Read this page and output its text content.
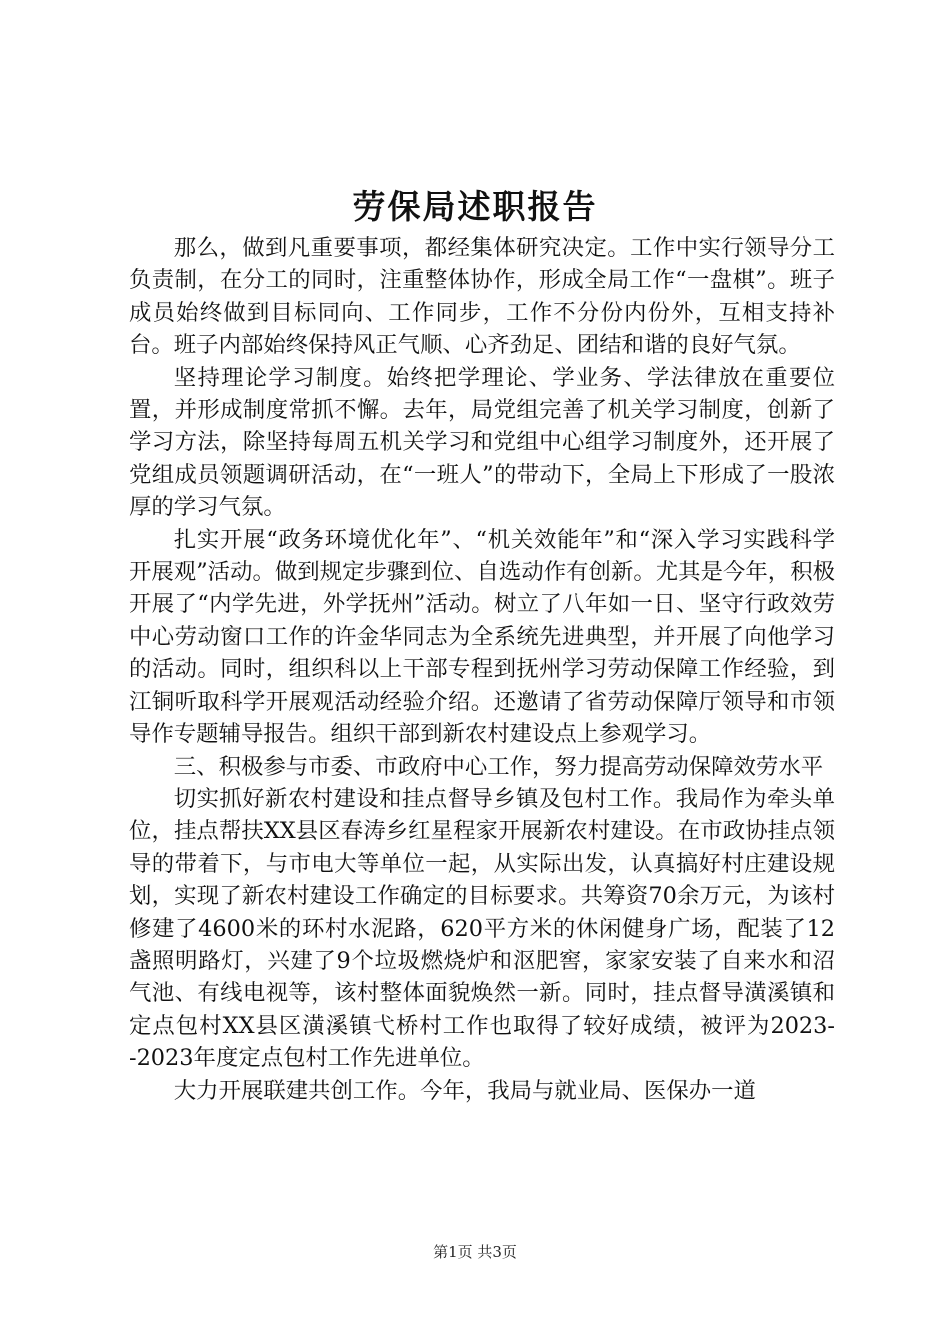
劳保局述职报告

那么，做到凡重要事项，都经集体研究决定。工作中实行领导分工负责制，在分工的同时，注重整体协作，形成全局工作“一盘棋”。班子成员始终做到目标同向、工作同步，工作不分份内份外，互相支持补台。班子内部始终保持风正气顺、心齐劲足、团结和谐的良好气氛。

坚持理论学习制度。始终把学理论、学业务、学法律放在重要位置，并形成制度常抓不懈。去年，局党组完善了机关学习制度，创新了学习方法，除坚持每周五机关学习和党组中心组学习制度外，还开展了党组成员领题调研活动，在“一班人”的带动下，全局上下形成了一股浓厚的学习气氛。

扎实开展“政务环境优化年”、“机关效能年”和“深入学习实践科学开展观”活动。做到规定步骤到位、自选动作有创新。尤其是今年，积极开展了“内学先进，外学抚州”活动。树立了八年如一日、坚守行政效劳中心劳动窗口工作的许金华同志为全系统先进典型，并开展了向他学习的活动。同时，组织科以上干部专程到抚州学习劳动保障工作经验，到江铜听取科学开展观活动经验介绍。还邀请了省劳动保障厅领导和市领导作专题辅导报告。组织干部到新农村建设点上参观学习。

三、积极参与市委、市政府中心工作，努力提高劳动保障效劳水平

切实抓好新农村建设和挂点督导乡镇及包村工作。我局作为牵头单位，挂点帮扶XX县区春涛乡红星程家开展新农村建设。在市政协挂点领导的带着下，与市电大等单位一起，从实际出发，认真搞好村庄建设规划，实现了新农村建设工作确定的目标要求。共筹资70余万元，为该村修建了4600米的环村水泥路，620平方米的休闲健身广场，配装了12盏照明路灯，兴建了9个垃圾燃烧炉和沤肥窖，家家安装了自来水和沼气池、有线电视等，该村整体面貌焕然一新。同时，挂点督导潢溪镇和定点包村XX县区潢溪镇弋桥村工作也取得了较好成绩，被评为2023--2023年度定点包村工作先进单位。

大力开展联建共创工作。今年，我局与就业局、医保办一道

第1页 共3页
